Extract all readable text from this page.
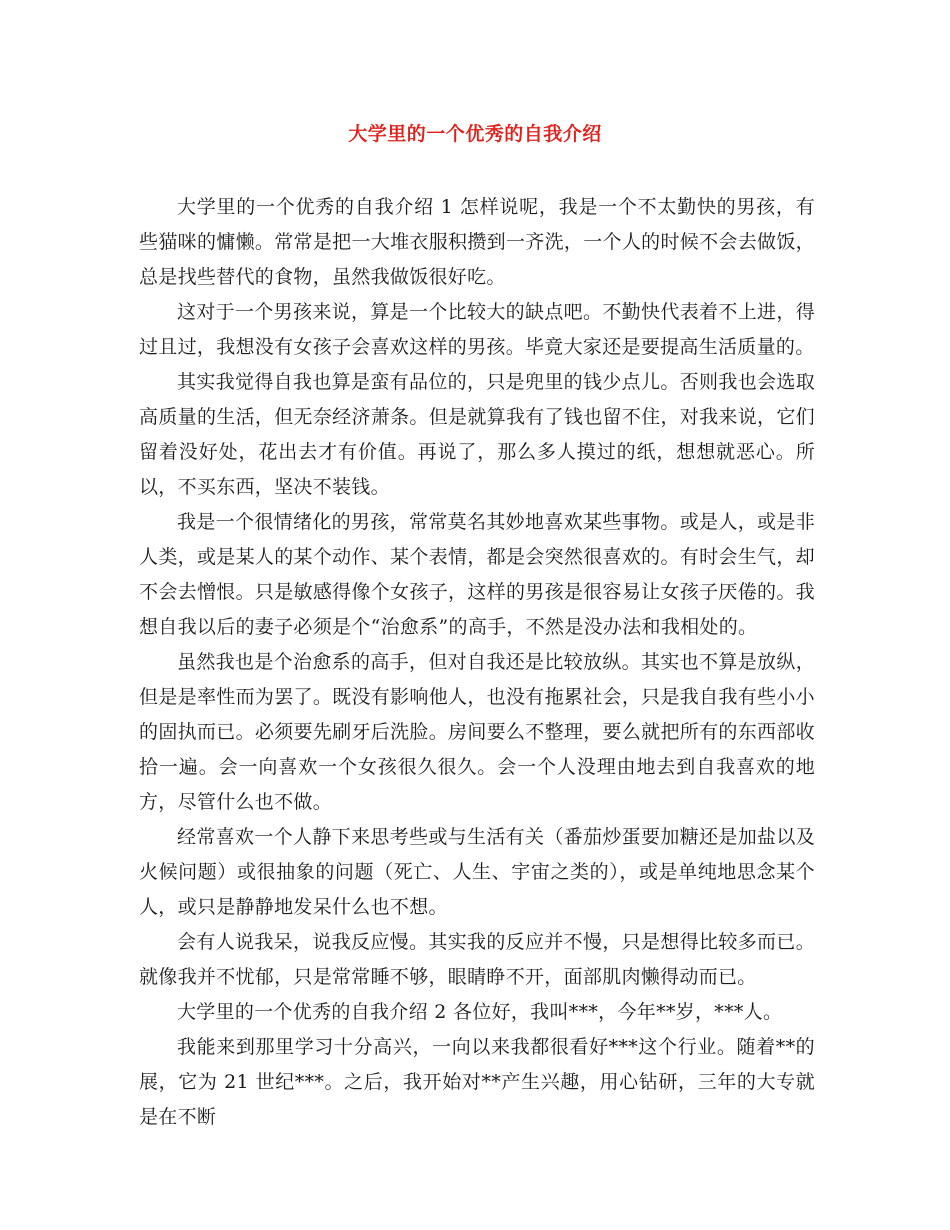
大学里的一个优秀的自我介绍

大学里的一个优秀的自我介绍 1 怎样说呢，我是一个不太勤快的男孩，有些猫咪的慵懒。常常是把一大堆衣服积攒到一齐洗，一个人的时候不会去做饭，总是找些替代的食物，虽然我做饭很好吃。

这对于一个男孩来说，算是一个比较大的缺点吧。不勤快代表着不上进，得过且过，我想没有女孩子会喜欢这样的男孩。毕竟大家还是要提高生活质量的。

其实我觉得自我也算是蛮有品位的，只是兜里的钱少点儿。否则我也会选取高质量的生活，但无奈经济萧条。但是就算我有了钱也留不住，对我来说，它们留着没好处，花出去才有价值。再说了，那么多人摸过的纸，想想就恶心。所以，不买东西，坚决不装钱。

我是一个很情绪化的男孩，常常莫名其妙地喜欢某些事物。或是人，或是非人类，或是某人的某个动作、某个表情，都是会突然很喜欢的。有时会生气，却不会去憎恨。只是敏感得像个女孩子，这样的男孩是很容易让女孩子厌倦的。我想自我以后的妻子必须是个“治愈系”的高手，不然是没办法和我相处的。

虽然我也是个治愈系的高手，但对自我还是比较放纵。其实也不算是放纵，但是是率性而为罢了。既没有影响他人，也没有拖累社会，只是我自我有些小小的固执而已。必须要先刷牙后洗脸。房间要么不整理，要么就把所有的东西部收拾一遍。会一向喜欢一个女孩很久很久。会一个人没理由地去到自我喜欢的地方，尽管什么也不做。

经常喜欢一个人静下来思考些或与生活有关（番茄炒蛋要加糖还是加盐以及火候问题）或很抽象的问题（死亡、人生、宇宙之类的），或是单纯地思念某个人，或只是静静地发呆什么也不想。

会有人说我呆，说我反应慢。其实我的反应并不慢，只是想得比较多而已。就像我并不忧郁，只是常常睡不够，眼睛睁不开，面部肌肉懒得动而已。

大学里的一个优秀的自我介绍 2 各位好，我叫***，今年**岁，***人。

我能来到那里学习十分高兴，一向以来我都很看好***这个行业。随着**的展，它为 21 世纪***。之后，我开始对**产生兴趣，用心钻研，三年的大专就是在不断
